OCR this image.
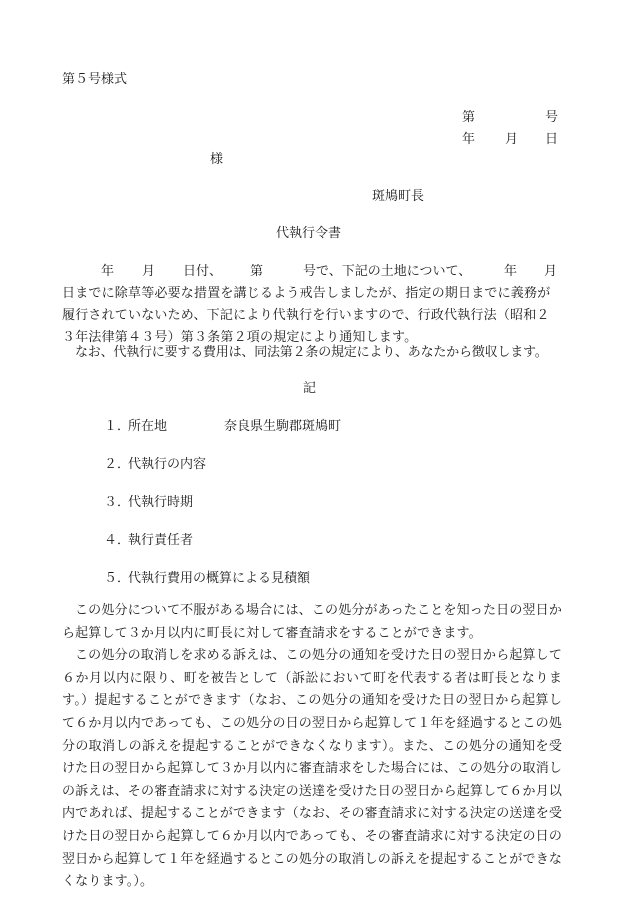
第５号様式
第	号
年 月 日
様
斑鳩町長
代執行令書
年 月 日付、 第	号で、下記の土地について、	年 月
日までに除草等必要な措置を講じるよう戒告しましたが、指定の期日までに義務が
履行されていないため、下記により代執行を行いますので、行政代執行法（昭和２
３年法律第４３号）第３条第２項の規定により通知します。
なお、代執行に要する費用は、同法第２条の規定により、あなたから徴収します。
記
１．所在地	奈良県生駒郡斑鳩町
２．代執行の内容
３．代執行時期
４．執行責任者
５．代執行費用の概算による見積額

この処分について不服がある場合には、この処分があったことを知った日の翌日から起算して３か月以内に町長に対して審査請求をすることができます。

この処分の取消しを求める訴えは、この処分の通知を受けた日の翌日から起算して６か月以内に限り、町を被告として（訴訟において町を代表する者は町長となります。）提起することができます（なお、この処分の通知を受けた日の翌日から起算して６か月以内であっても、この処分の日の翌日から起算して１年を経過するとこの処分の取消しの訴えを提起することができなくなります）。また、この処分の通知を受けた日の翌日から起算して３か月以内に審査請求をした場合には、この処分の取消しの訴えは、その審査請求に対する決定の送達を受けた日の翌日から起算して６か月以内であれば、提起することができます（なお、その審査請求に対する決定の送達を受けた日の翌日から起算して６か月以内であっても、その審査請求に対する決定の日の翌日から起算して１年を経過するとこの処分の取消しの訴えを提起することができなくなります。）。
